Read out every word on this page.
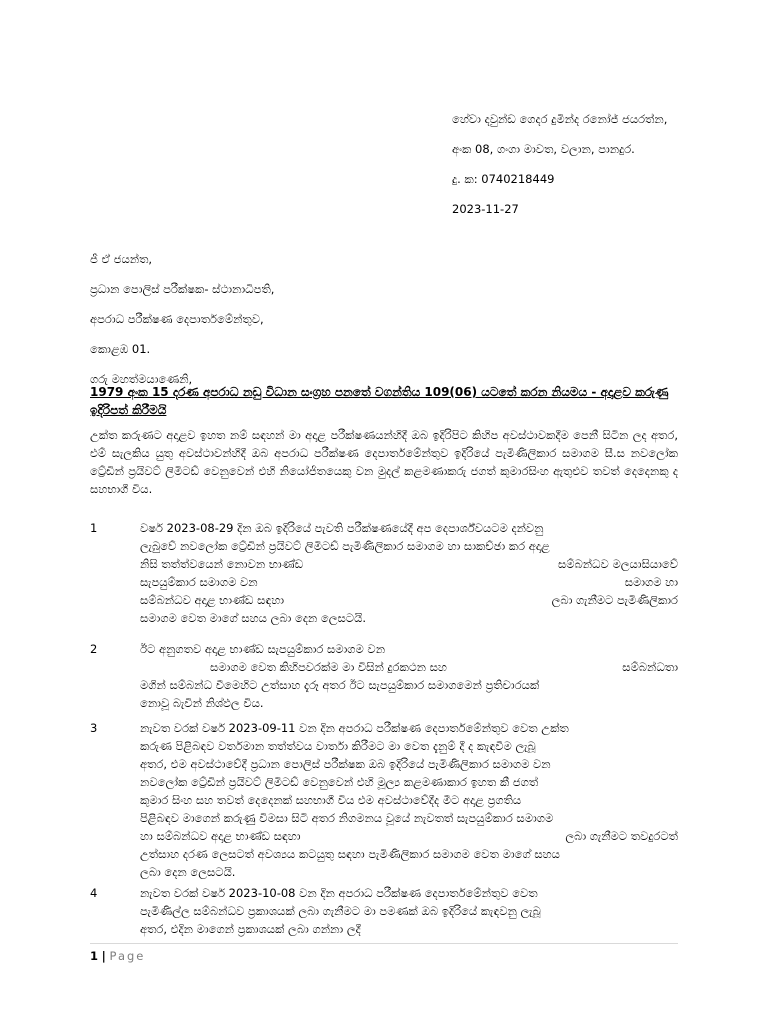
හේවා දවුන්ඩ ගෙදර දුමින්ද රනෝජ් ජයරත්න,

අංක 08, ගංගා මාවත, වලාන, පානදුර.

දු. ක: 0740218449

2023-11-27

ජී ඒ ජයන්ත,

ප්‍රධාන පොලිස් පරීක්ෂක- ස්ථානාධිපති,

අපරාධ පරීක්ෂණ දෙපාර්තමේන්තුව,

කොළඹ 01.

ගරු මහත්මයාණෙනි,

1979 අංක 15 දරණ අපරාධ නඩු විධාන සංග්‍රහ පනතේ වගන්තිය 109(06) යටතේ කරන නියමය - අදාළව කරුණු ඉදිරිපත් කිරීමයි
උක්ත කරුණට අදාළව ඉහත නම් සඳහන් මා අදාළ පරීක්ෂණයන්හිදී ඔබ ඉදිරිපිට කිහිප අවස්ථාවකදීම පෙනී සිටින ලද අතර, එම් සැලකිය යුතු අවස්ථාවන්හිදී ඔබ අපරාධ පරීක්ෂණ දෙපාර්තමේන්තුව ඉදිරියේ පැමිණිලිකාර සමාගම සී.ස නවලෝක ට්‍රේඩින් ප්‍රයිවට් ලිමිටඩ් වෙනුවෙන් එහි නියෝජිතයෙකු වන මුදල් කළමණාකරු ජගත් කුමාරසිංහ ඇතුළුව තවත් දෙදෙනකු ද සහභාගී විය.
1	වර්ෂ 2023-08-29 දින ඔබ ඉදිරියේ පැවති පරීක්ෂණයේදී අප දෙපාර්ශ්වයටම දන්වනු
ලැබුවේ නවලෝක ට්‍රේඩින් ප්‍රයිවට් ලිමිටඩ් පැමිණිලිකාර සමාගම හා සාකච්ඡා කර අදාළ
නිසි තත්ත්වයෙන් නොවන භාණ්ඩ	සම්බන්ධව මලයාසියාවේ
සැපයුම්කාර සමාගම වන	සමාගම හා
සම්බන්ධව අදාළ භාණ්ඩ සඳහා	ලබා ගැනීමට පැමිණිලිකාර
සමාගම වෙත මාගේ සහය ලබා දෙන ලෙසටයි.
2	ඊට අනුගතව අදාළ භාණ්ඩ සැපයුම්කාර සමාගම වන
සමාගම වෙත කිහිපවරක්ම මා විසින් දුරකථන සහ	සම්බන්ධතා
මගින් සම්බන්ධ වීමෙහිට උත්සාහ දැරූ අතර ඊට සැපයුම්කාර සමාගමෙන් ප්‍රතිචාරයක්
නොවූ බැවින් නිශ්ඵල විය.
3	නැවත වරක් වර්ෂ 2023-09-11 වන දින අපරාධ පරීක්ෂණ දෙපාර්තමේන්තුව වෙත උක්ත
කරුණ පිළිබඳව වර්තමාන තත්ත්වය වාර්තා කිරීමට මා වෙත දැනුම් දී ද කැඳවීම ලැබූ
අතර, එම අවස්ථාවේදී ප්‍රධාන පොලිස් පරීක්ෂක ඔබ ඉදිරියේ පැමිණිලිකාර සමාගම වන
නවලෝක ට්‍රේඩින් ප්‍රයිවට් ලිමිටඩ් වෙනුවෙන් එහි මූල්‍ය කළමණාකාර ඉහත කී ජගත්
කුමාර සිංහ සහ තවත් දෙදෙනක් සහභාගී විය එම අවස්ථාවේදීද මීට අදාළ ප්‍රගතිය
පිළිබඳව මාගෙන් කරුණු විමසා සිටි අතර නිගමනය වූයේ නැවතත් සැපයුම්කාර සමාගම
හා සම්බන්ධව අදාළ භාණ්ඩ සඳහා	ලබා ගැනීමට තවදුරටත්
උත්සාහ දරණ ලෙසටත් අවශ්‍යය කටයුතු සඳහා පැමිණිලිකාර සමාගම වෙත මාගේ සහය
ලබා දෙන ලෙසටයි.
4	නැවත වරක් වර්ෂ 2023-10-08 වන දින අපරාධ පරීක්ෂණ දෙපාර්තමේන්තුව වෙත
පැමිණිල්ල සම්බන්ධව ප්‍රකාශයක් ලබා ගැනීමට මා පමණක් ඔබ ඉදිරියේ කැඳවනු ලැබූ
අතර, එදින මාගෙන් ප්‍රකාශයක් ලබා ගන්නා ලදී
1 | Page
